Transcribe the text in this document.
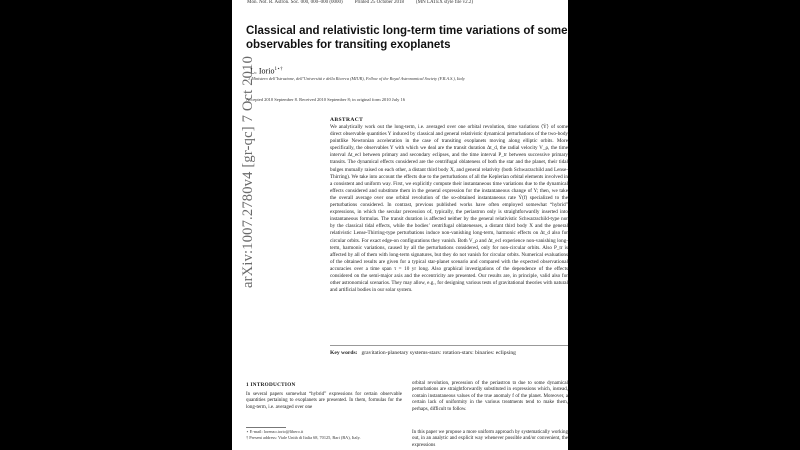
Mon. Not. R. Astron. Soc. 000, 000–000 (0000) Printed 25 October 2018 (MN LATEX style file v2.2)
Classical and relativistic long-term time variations of some observables for transiting exoplanets
L. Iorio$^{1⋆\dagger}$
1 Ministero dell’Istruzione, dell’Università e della Ricerca (MIUR), Fellow of the Royal Astronomical Society (F.R.A.S.), Italy
Accepted 2010 September 8. Received 2010 September 8; in original form 2010 July 16
ABSTRACT
We analytically work out the long-term, i.e. averaged over one orbital revolution, time variations ⟨Ẏ⟩ of some direct observable quantities Y induced by classical and general relativistic dynamical perturbations of the two-body pointlike Newtonian acceleration in the case of transiting exoplanets moving along elliptic orbits. More specifically, the observables Y with which we deal are the transit duration Δt_d, the radial velocity V_ρ, the time interval Δt_ecl between primary and secondary eclipses, and the time interval P_tr between successive primary transits. The dynamical effects considered are the centrifugal oblateness of both the star and the planet, their tidal bulges mutually raised on each other, a distant third body X, and general relativity (both Schwarzschild and Lense-Thirring). We take into account the effects due to the perturbations of all the Keplerian orbital elements involved in a consistent and uniform way. First, we explicitly compute their instantaneous time variations due to the dynamical effects considered and substitute them in the general expression for the instantaneous change of Y; then, we take the overall average over one orbital revolution of the so-obtained instantaneous rate Ẏ(f) specialized to the perturbations considered. In contrast, previous published works have often employed somewhat “hybrid” expressions, in which the secular precession of, typically, the periastron only is straightforwardly inserted into instantaneous formulas. The transit duration is affected neither by the general relativistic Schwarzschild-type nor by the classical tidal effects, while the bodies’ centrifugal oblatenesses, a distant third body X and the general relativistic Lense-Thirring-type perturbations induce non-vanishing long-term, harmonic effects on Δt_d also for circular orbits. For exact edge-on configurations they vanish. Both V_ρ and Δt_ecl experience non-vanishing long-term, harmonic variations, caused by all the perturbations considered, only for non-circular orbits. Also P_tr is affected by all of them with long-term signatures, but they do not vanish for circular orbits. Numerical evaluations of the obtained results are given for a typical star-planet scenario and compared with the expected observational accuracies over a time span τ = 10 yr long. Also graphical investigations of the dependence of the effects considered on the semi-major axis and the eccentricity are presented. Our results are, in principle, valid also for other astronomical scenarios. They may allow, e.g., for designing various tests of gravitational theories with natural and artificial bodies in our solar system.
Key words: gravitation-planetary systems-stars: rotation-stars: binaries: eclipsing
1 INTRODUCTION
In several papers somewhat “hybrid” expressions for certain observable quantities pertaining to exoplanets are presented. In them, formulas for the long-term, i.e. averaged over one
orbital revolution, precession of the periastron ϖ due to some dynamical perturbations are straightforwardly substituted in expressions which, instead, contain instantaneous values of the true anomaly f of the planet. Moreover, a certain lack of uniformity in the various treatments tend to make them, perhaps, difficult to follow.
In this paper we propose a more uniform approach by systematically working out, in an analytic and explicit way whenever possible and/or convenient, the expressions
⋆ E-mail: lorenzo.iorio@libero.it
† Present address: Viale Unità di Italia 68, 70125, Bari (BA), Italy.
arXiv:1007.2780v4 [gr-qc] 7 Oct 2010
